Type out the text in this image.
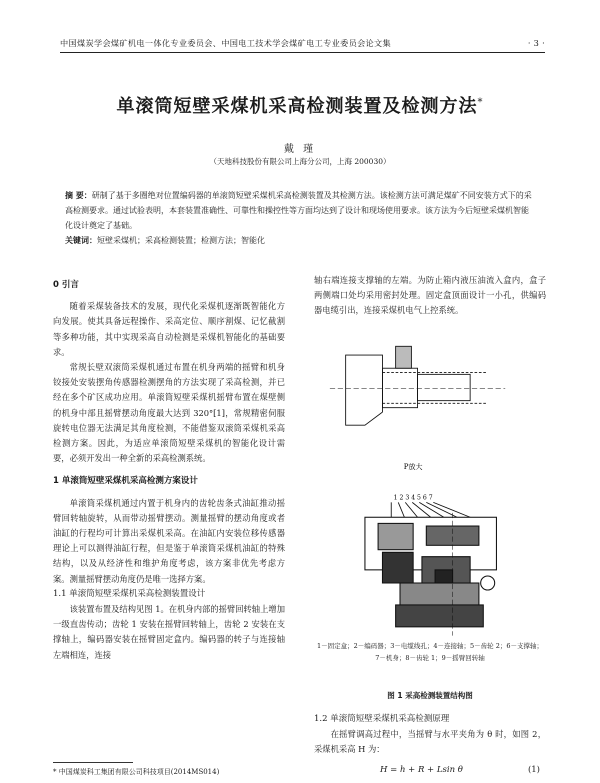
中国煤炭学会煤矿机电一体化专业委员会、中国电工技术学会煤矿电工专业委员会论文集	· 3 ·
单滚筒短壁采煤机采高检测装置及检测方法*
戴 瑾
（天地科技股份有限公司上海分公司，上海 200030）
摘 要：研制了基于多圈绝对位置编码器的单滚筒短壁采煤机采高检测装置及其检测方法。该检测方法可满足煤矿不同安装方式下的采高检测要求。通过试验表明，本套装置准确性、可靠性和操控性等方面均达到了设计和现场使用要求。该方法为今后短壁采煤机智能化设计奠定了基础。
关键词：短壁采煤机；采高检测装置；检测方法；智能化
0 引言

随着采煤装备技术的发展，现代化采煤机逐渐既智能化方向发展。使其具备远程操作、采高定位、顺序割煤、记忆截割等多种功能，其中实现采高自动检测是采煤机智能化的基础要求。

常规长壁双滚筒采煤机通过布置在机身两端的摇臂和机身铰接处安装摆角传感器检测摆角的方法实现了采高检测，并已经在多个矿区成功应用。单滚筒短壁采煤机摇臂布置在煤壁侧的机身中部且摇臂摆动角度最大达到 320°[1]，常规精密伺服旋转电位器无法满足其角度检测，不能借鉴双滚筒采煤机采高检测方案。因此，为适应单滚筒短壁采煤机的智能化设计需要，必须开发出一种全新的采高检测系统。

1 单滚筒短壁采煤机采高检测方案设计

单滚筒采煤机通过内置于机身内的齿轮齿条式油缸推动摇臂回转轴旋转，从而带动摇臂摆动。测量摇臂的摆动角度或者油缸的行程均可计算出采煤机采高。在油缸内安装位移传感器理论上可以测得油缸行程，但是鉴于单滚筒采煤机油缸的特殊结构，以及从经济性和维护角度考虑，该方案非优先考虑方案。测量摇臂摆动角度仍是唯一选择方案。

1.1 单滚筒短壁采煤机采高检测装置设计

该装置布置及结构见图 1。在机身内部的摇臂回转轴上增加一级直齿传动；齿轮 1 安装在摇臂回转轴上，齿轮 2 安装在支撑轴上，编码器安装在摇臂固定盒内。编码器的转子与连接轴左端相连，连接

轴右端连接支撑轴的左端。为防止箱内液压油流入盒内，盒子两侧端口处均采用密封处理。固定盒顶面设计一小孔，供编码器电缆引出，连接采煤机电气上控系统。

P放大
1 2 3 4 5 6 7
1－固定盒；2－编码器；3－电缆线孔；4－连接轴；5－齿轮 2；6－支撑轴；7－机身；8－齿轮 1；9－摇臂回转轴
图 1 采高检测装置结构图
1.2 单滚筒短壁采煤机采高检测原理

在摇臂调高过程中，当摇臂与水平夹角为 θ 时，如图 2，采煤机采高 H 为：

H = h + R + Lsin θ	(1)
* 中国煤炭科工集团有限公司科技项目(2014MS014)
